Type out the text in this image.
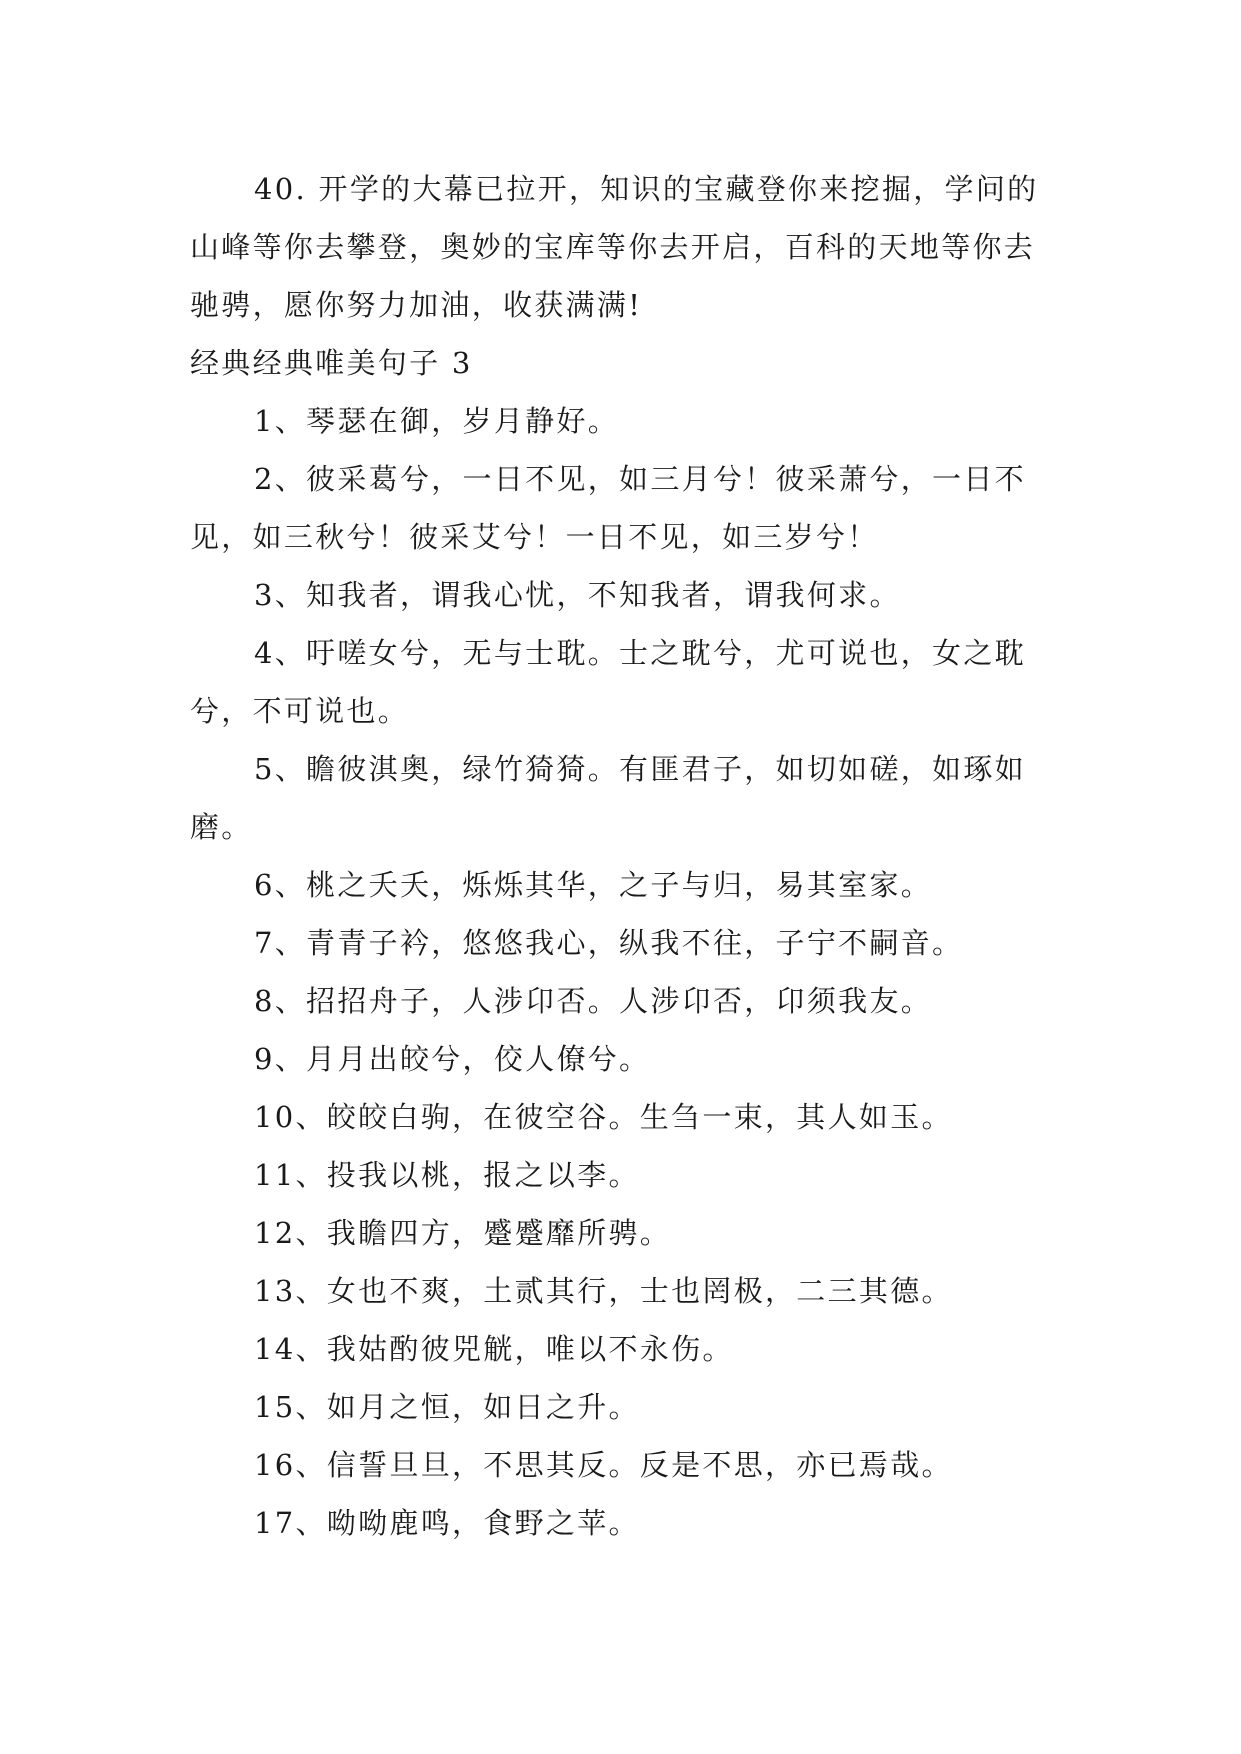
40. 开学的大幕已拉开，知识的宝藏登你来挖掘，学问的山峰等你去攀登，奥妙的宝库等你去开启，百科的天地等你去驰骋，愿你努力加油，收获满满!

经典经典唯美句子 3

1、琴瑟在御，岁月静好。

2、彼采葛兮，一日不见，如三月兮！彼采萧兮，一日不见，如三秋兮！彼采艾兮！一日不见，如三岁兮！

3、知我者，谓我心忧，不知我者，谓我何求。

4、吁嗟女兮，无与士耽。士之耽兮，尤可说也，女之耽兮，不可说也。

5、瞻彼淇奥，绿竹猗猗。有匪君子，如切如磋，如琢如磨。

6、桃之夭夭，烁烁其华，之子与归，易其室家。

7、青青子衿，悠悠我心，纵我不往，子宁不嗣音。

8、招招舟子，人涉卬否。人涉卬否，卬须我友。

9、月月出皎兮，佼人僚兮。

10、皎皎白驹，在彼空谷。生刍一束，其人如玉。

11、投我以桃，报之以李。

12、我瞻四方，蹙蹙靡所骋。

13、女也不爽，土贰其行，士也罔极，二三其德。

14、我姑酌彼兕觥，唯以不永伤。

15、如月之恒，如日之升。

16、信誓旦旦，不思其反。反是不思，亦已焉哉。

17、呦呦鹿鸣，食野之苹。
